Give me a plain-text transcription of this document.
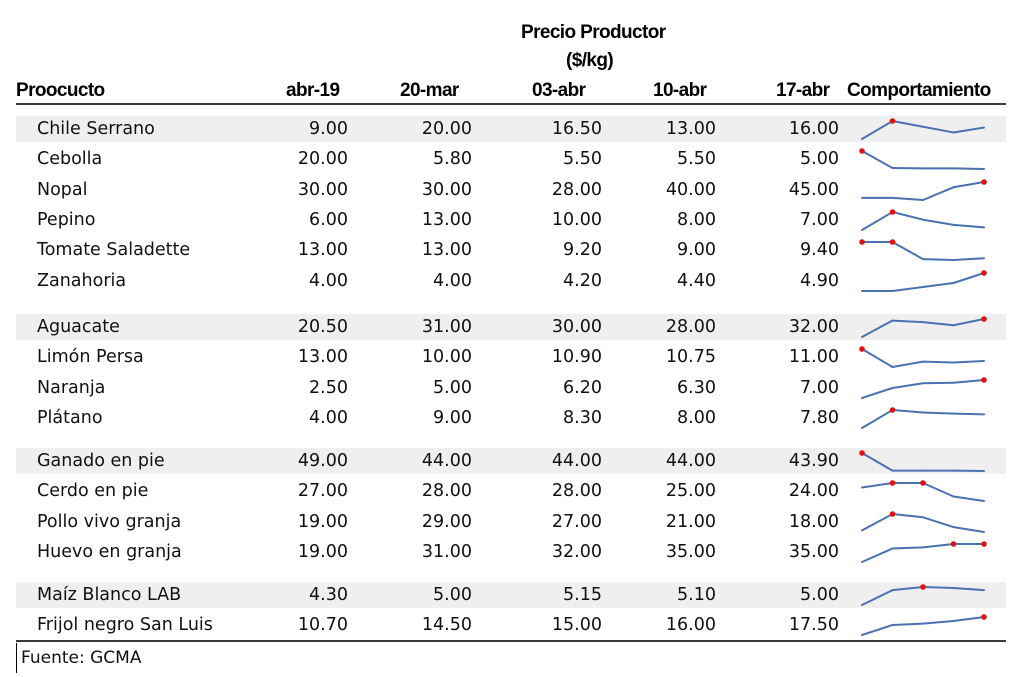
Precio Productor
($/kg)
Proocucto	abr-19	20-mar	03-abr	10-abr	17-abr Comportamiento
Chile Serrano	9.00	20.00	16.50	13.00	16.00
Cebolla	20.00	5.80	5.50	5.50	5.00
Nopal	30.00	30.00	28.00	40.00	45.00
Pepino	6.00	13.00	10.00	8.00	7.00
Tomate Saladette	13.00	13.00	9.20	9.00	9.40
Zanahoria	4.00	4.00	4.20	4.40	4.90
Aguacate	20.50	31.00	30.00	28.00	32.00
Limón Persa	13.00	10.00	10.90	10.75	11.00
Naranja	2.50	5.00	6.20	6.30	7.00
Plátano	4.00	9.00	8.30	8.00	7.80
Ganado en pie	49.00	44.00	44.00	44.00	43.90
Cerdo en pie	27.00	28.00	28.00	25.00	24.00
Pollo vivo granja	19.00	29.00	27.00	21.00	18.00
Huevo en granja	19.00	31.00	32.00	35.00	35.00
Maíz Blanco LAB	4.30	5.00	5.15	5.10	5.00
Frijol negro San Luis	10.70	14.50	15.00	16.00	17.50
Fuente: GCMA
